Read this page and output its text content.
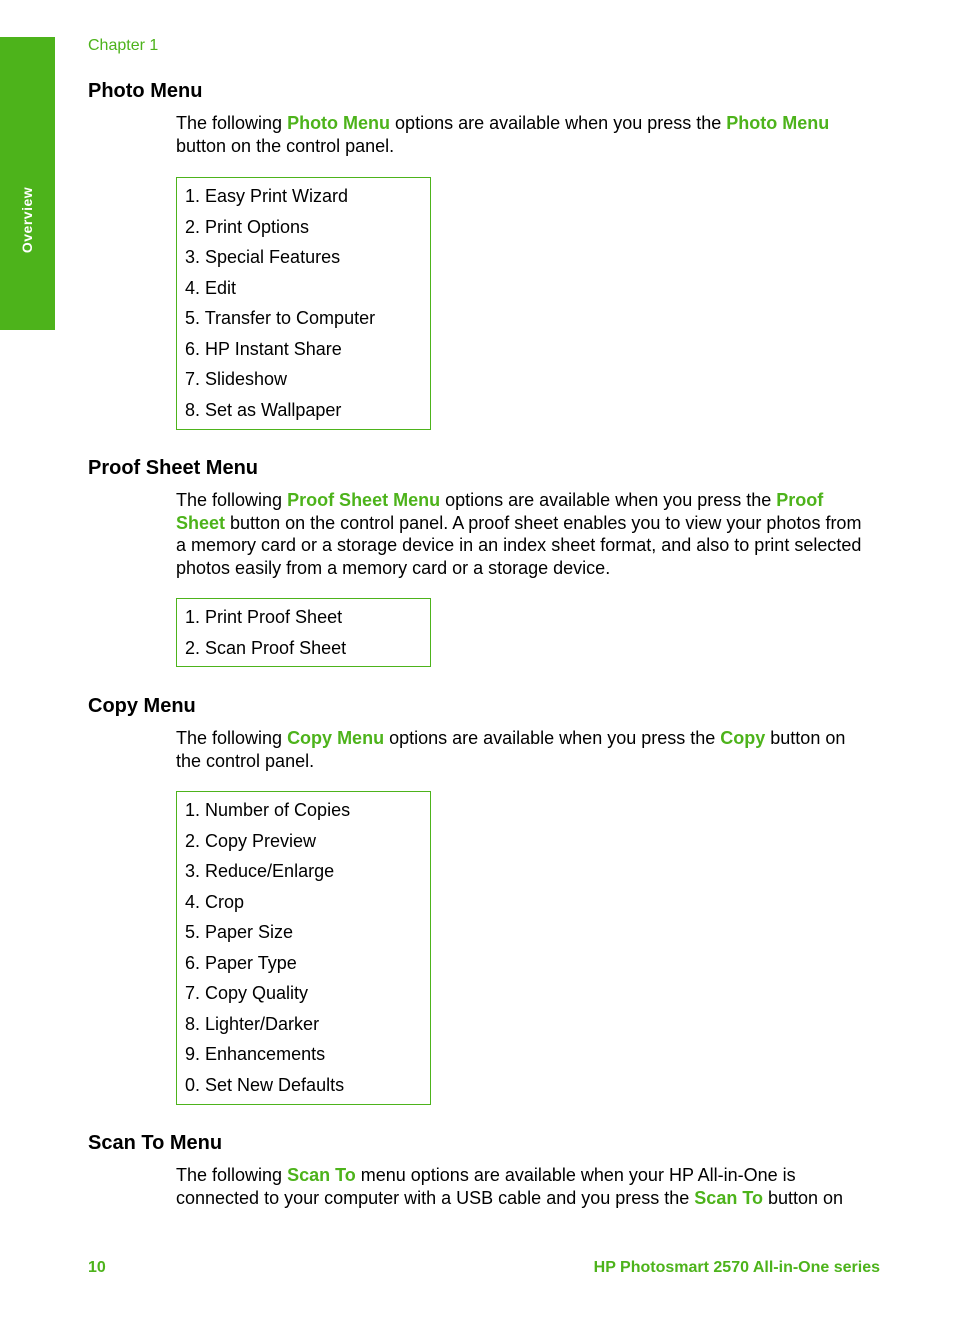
Overview
Chapter 1
Photo Menu

The following Photo Menu options are available when you press the Photo Menu button on the control panel.

1. Easy Print Wizard
2. Print Options
3. Special Features
4. Edit
5. Transfer to Computer
6. HP Instant Share
7. Slideshow
8. Set as Wallpaper
Proof Sheet Menu

The following Proof Sheet Menu options are available when you press the Proof Sheet button on the control panel. A proof sheet enables you to view your photos from a memory card or a storage device in an index sheet format, and also to print selected photos easily from a memory card or a storage device.

1. Print Proof Sheet
2. Scan Proof Sheet
Copy Menu

The following Copy Menu options are available when you press the Copy button on the control panel.

1. Number of Copies
2. Copy Preview
3. Reduce/Enlarge
4. Crop
5. Paper Size
6. Paper Type
7. Copy Quality
8. Lighter/Darker
9. Enhancements
0. Set New Defaults
Scan To Menu

The following Scan To menu options are available when your HP All-in-One is connected to your computer with a USB cable and you press the Scan To button on

10	HP Photosmart 2570 All-in-One series
